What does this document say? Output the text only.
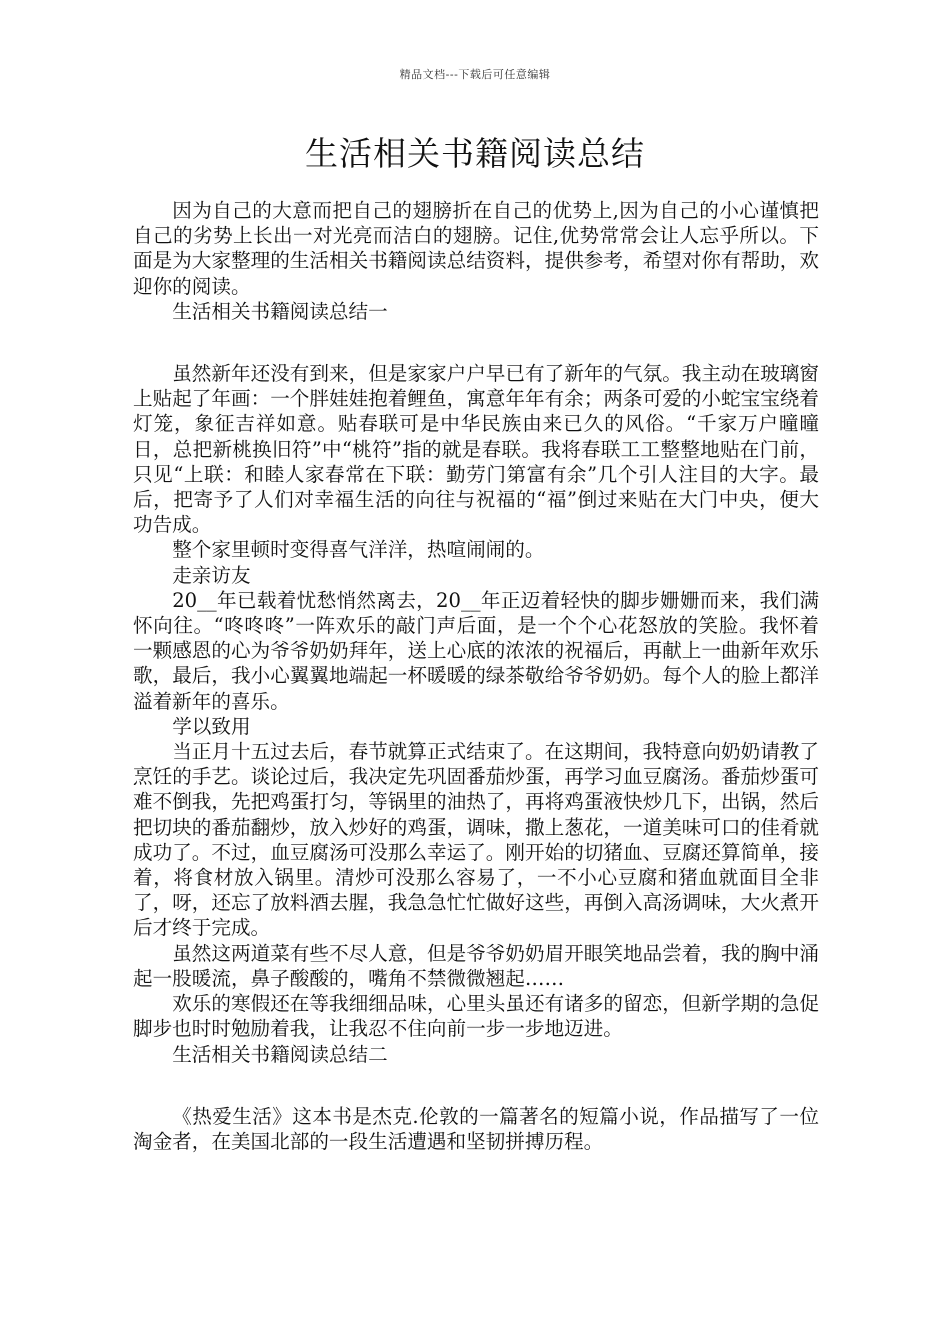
精品文档---下载后可任意编辑
生活相关书籍阅读总结

因为自己的大意而把自己的翅膀折在自己的优势上,因为自己的小心谨慎把自己的劣势上长出一对光亮而洁白的翅膀。记住,优势常常会让人忘乎所以。下面是为大家整理的生活相关书籍阅读总结资料，提供参考，希望对你有帮助，欢迎你的阅读。

生活相关书籍阅读总结一

虽然新年还没有到来，但是家家户户早已有了新年的气氛。我主动在玻璃窗上贴起了年画：一个胖娃娃抱着鲤鱼，寓意年年有余；两条可爱的小蛇宝宝绕着灯笼，象征吉祥如意。贴春联可是中华民族由来已久的风俗。“千家万户曈曈日，总把新桃换旧符”中“桃符”指的就是春联。我将春联工工整整地贴在门前，只见“上联：和睦人家春常在下联：勤劳门第富有余”几个引人注目的大字。最后，把寄予了人们对幸福生活的向往与祝福的“福”倒过来贴在大门中央，便大功告成。

整个家里顿时变得喜气洋洋，热喧闹闹的。

走亲访友

20__年已载着忧愁悄然离去，20__年正迈着轻快的脚步姗姗而来，我们满怀向往。“咚咚咚”一阵欢乐的敲门声后面，是一个个心花怒放的笑脸。我怀着一颗感恩的心为爷爷奶奶拜年，送上心底的浓浓的祝福后，再献上一曲新年欢乐歌，最后，我小心翼翼地端起一杯暖暖的绿茶敬给爷爷奶奶。每个人的脸上都洋溢着新年的喜乐。

学以致用

当正月十五过去后，春节就算正式结束了。在这期间，我特意向奶奶请教了烹饪的手艺。谈论过后，我决定先巩固番茄炒蛋，再学习血豆腐汤。番茄炒蛋可难不倒我，先把鸡蛋打匀，等锅里的油热了，再将鸡蛋液快炒几下，出锅，然后把切块的番茄翻炒，放入炒好的鸡蛋，调味，撒上葱花，一道美味可口的佳肴就成功了。不过，血豆腐汤可没那么幸运了。刚开始的切猪血、豆腐还算简单，接着，将食材放入锅里。清炒可没那么容易了，一不小心豆腐和猪血就面目全非了，呀，还忘了放料酒去腥，我急急忙忙做好这些，再倒入高汤调味，大火煮开后才终于完成。

虽然这两道菜有些不尽人意，但是爷爷奶奶眉开眼笑地品尝着，我的胸中涌起一股暖流，鼻子酸酸的，嘴角不禁微微翘起……

欢乐的寒假还在等我细细品味，心里头虽还有诸多的留恋，但新学期的急促脚步也时时勉励着我，让我忍不住向前一步一步地迈进。

生活相关书籍阅读总结二

《热爱生活》这本书是杰克.伦敦的一篇著名的短篇小说，作品描写了一位淘金者，在美国北部的一段生活遭遇和坚韧拼搏历程。
